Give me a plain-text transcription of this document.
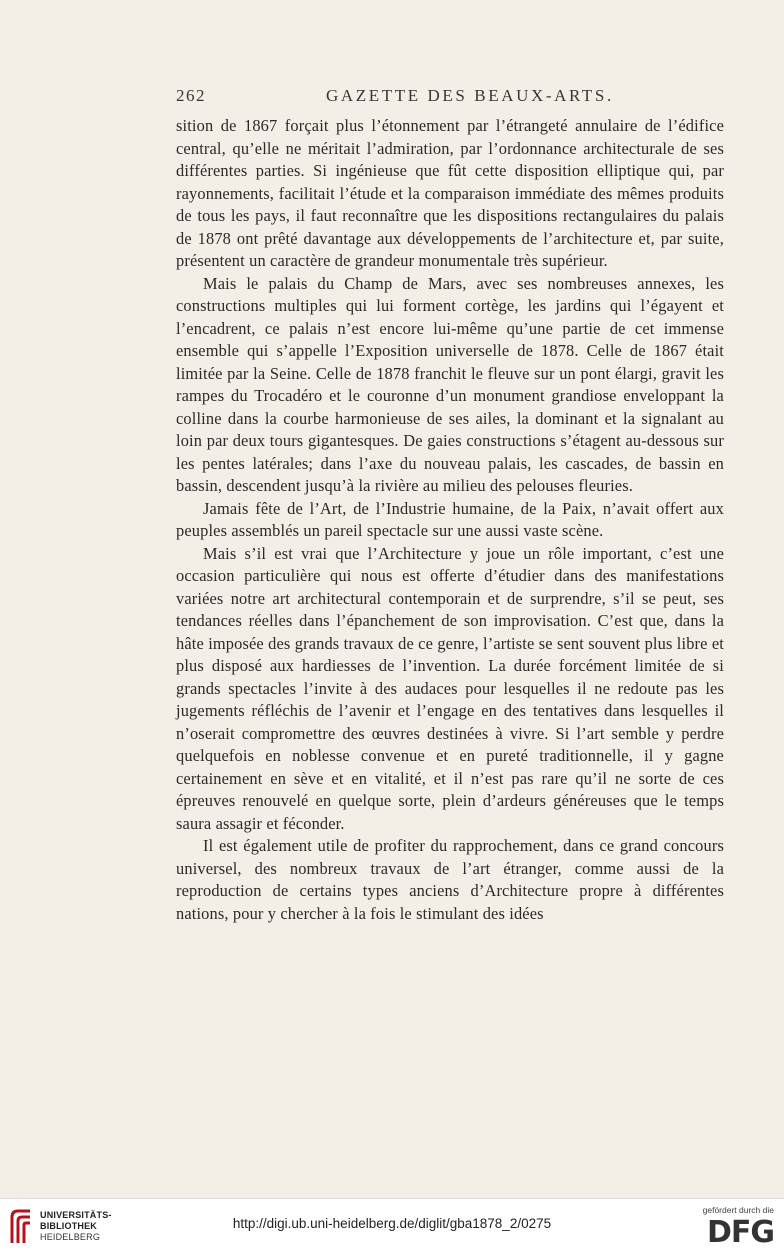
262	GAZETTE DES BEAUX-ARTS.

sition de 1867 forçait plus l’étonnement par l’étrangeté annulaire de l’édifice central, qu’elle ne méritait l’admiration, par l’ordonnance architecturale de ses différentes parties. Si ingénieuse que fût cette disposition elliptique qui, par rayonnements, facilitait l’étude et la comparaison immédiate des mêmes produits de tous les pays, il faut reconnaître que les dispositions rectangulaires du palais de 1878 ont prêté davantage aux développements de l’architecture et, par suite, présentent un caractère de grandeur monumentale très supérieur.

Mais le palais du Champ de Mars, avec ses nombreuses annexes, les constructions multiples qui lui forment cortège, les jardins qui l’égayent et l’encadrent, ce palais n’est encore lui-même qu’une partie de cet immense ensemble qui s’appelle l’Exposition universelle de 1878. Celle de 1867 était limitée par la Seine. Celle de 1878 franchit le fleuve sur un pont élargi, gravit les rampes du Trocadéro et le couronne d’un monument grandiose enveloppant la colline dans la courbe harmonieuse de ses ailes, la dominant et la signalant au loin par deux tours gigantesques. De gaies constructions s’étagent au-dessous sur les pentes latérales; dans l’axe du nouveau palais, les cascades, de bassin en bassin, descendent jusqu’à la rivière au milieu des pelouses fleuries.

Jamais fête de l’Art, de l’Industrie humaine, de la Paix, n’avait offert aux peuples assemblés un pareil spectacle sur une aussi vaste scène.

Mais s’il est vrai que l’Architecture y joue un rôle important, c’est une occasion particulière qui nous est offerte d’étudier dans des manifestations variées notre art architectural contemporain et de surprendre, s’il se peut, ses tendances réelles dans l’épanchement de son improvisation. C’est que, dans la hâte imposée des grands travaux de ce genre, l’artiste se sent souvent plus libre et plus disposé aux hardiesses de l’invention. La durée forcément limitée de si grands spectacles l’invite à des audaces pour lesquelles il ne redoute pas les jugements réfléchis de l’avenir et l’engage en des tentatives dans lesquelles il n’oserait compromettre des œuvres destinées à vivre. Si l’art semble y perdre quelquefois en noblesse convenue et en pureté traditionnelle, il y gagne certainement en sève et en vitalité, et il n’est pas rare qu’il ne sorte de ces épreuves renouvelé en quelque sorte, plein d’ardeurs généreuses que le temps saura assagir et féconder.

Il est également utile de profiter du rapprochement, dans ce grand concours universel, des nombreux travaux de l’art étranger, comme aussi de la reproduction de certains types anciens d’Architecture propre à différentes nations, pour y chercher à la fois le stimulant des idées

UNIVERSITÄTS-
BIBLIOTHEK
HEIDELBERG
http://digi.ub.uni-heidelberg.de/diglit/gba1878_2/0275
gefördert durch die
DFG
